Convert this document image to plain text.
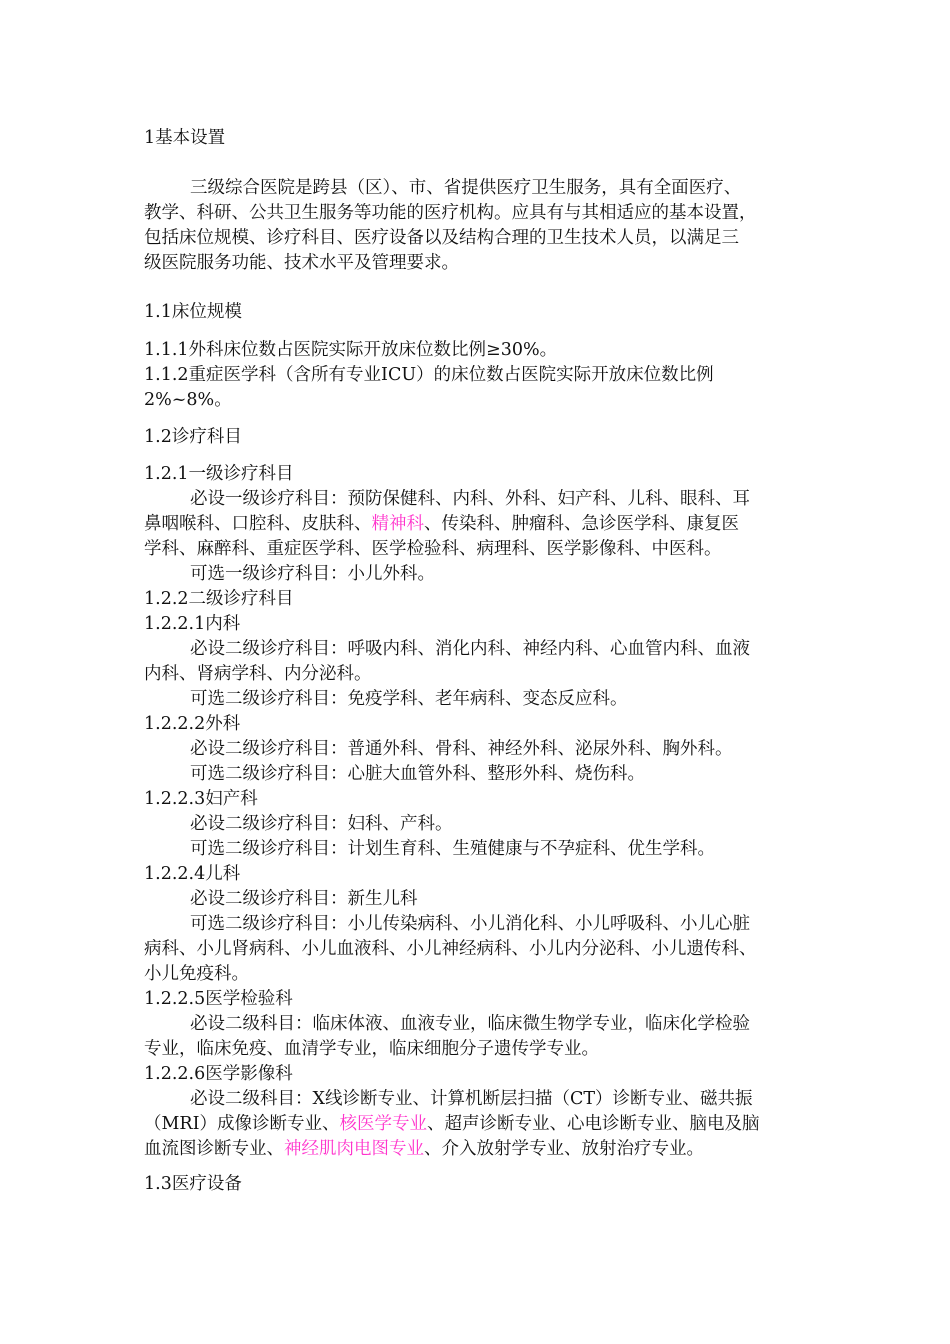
1基本设置
三级综合医院是跨县（区）、市、省提供医疗卫生服务，具有全面医疗、
教学、科研、公共卫生服务等功能的医疗机构。应具有与其相适应的基本设置，
包括床位规模、诊疗科目、医疗设备以及结构合理的卫生技术人员，以满足三
级医院服务功能、技术水平及管理要求。
1.1床位规模
1.1.1外科床位数占医院实际开放床位数比例≥30%。
1.1.2重症医学科（含所有专业ICU）的床位数占医院实际开放床位数比例
2%~8%。
1.2诊疗科目
1.2.1一级诊疗科目
必设一级诊疗科目：预防保健科、内科、外科、妇产科、儿科、眼科、耳
鼻咽喉科、口腔科、皮肤科、精神科、传染科、肿瘤科、急诊医学科、康复医
学科、麻醉科、重症医学科、医学检验科、病理科、医学影像科、中医科。
可选一级诊疗科目：小儿外科。
1.2.2二级诊疗科目
1.2.2.1内科
必设二级诊疗科目：呼吸内科、消化内科、神经内科、心血管内科、血液
内科、肾病学科、内分泌科。
可选二级诊疗科目：免疫学科、老年病科、变态反应科。
1.2.2.2外科
必设二级诊疗科目：普通外科、骨科、神经外科、泌尿外科、胸外科。
可选二级诊疗科目：心脏大血管外科、整形外科、烧伤科。
1.2.2.3妇产科
必设二级诊疗科目：妇科、产科。
可选二级诊疗科目：计划生育科、生殖健康与不孕症科、优生学科。
1.2.2.4儿科
必设二级诊疗科目：新生儿科
可选二级诊疗科目：小儿传染病科、小儿消化科、小儿呼吸科、小儿心脏
病科、小儿肾病科、小儿血液科、小儿神经病科、小儿内分泌科、小儿遗传科、
小儿免疫科。
1.2.2.5医学检验科
必设二级科目：临床体液、血液专业，临床微生物学专业，临床化学检验
专业，临床免疫、血清学专业，临床细胞分子遗传学专业。
1.2.2.6医学影像科
必设二级科目：X线诊断专业、计算机断层扫描（CT）诊断专业、磁共振
（MRI）成像诊断专业、核医学专业、超声诊断专业、心电诊断专业、脑电及脑
血流图诊断专业、神经肌肉电图专业、介入放射学专业、放射治疗专业。
1.3医疗设备
